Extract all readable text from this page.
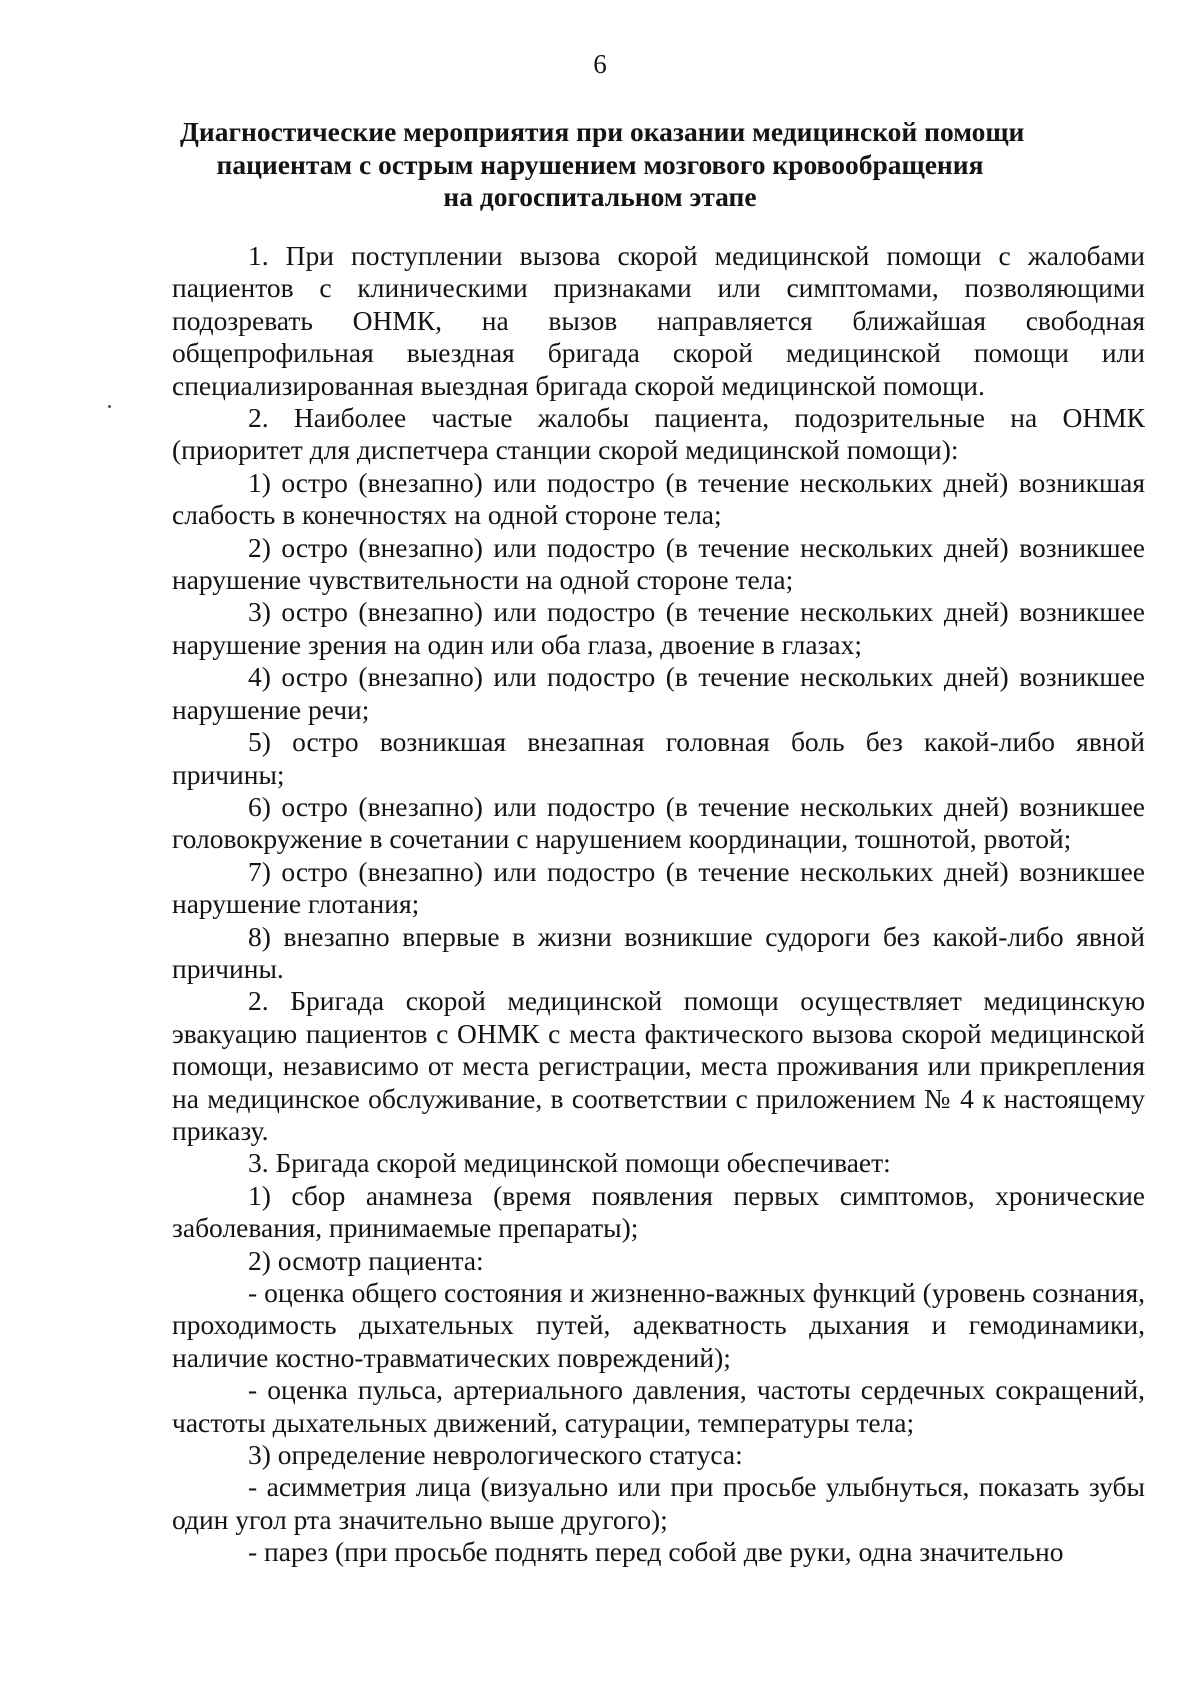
6
Диагностические мероприятия при оказании медицинской помощи
пациентам с острым нарушением мозгового кровообращения
на догоспитальном этапе

1. При поступлении вызова скорой медицинской помощи с жалобами пациентов с клиническими признаками или симптомами, позволяющими подозревать ОНМК, на вызов направляется ближайшая свободная общепрофильная выездная бригада скорой медицинской помощи или специализированная выездная бригада скорой медицинской помощи.

2. Наиболее частые жалобы пациента, подозрительные на ОНМК (приоритет для диспетчера станции скорой медицинской помощи):

1) остро (внезапно) или подостро (в течение нескольких дней) возникшая слабость в конечностях на одной стороне тела;

2) остро (внезапно) или подостро (в течение нескольких дней) возникшее нарушение чувствительности на одной стороне тела;

3) остро (внезапно) или подостро (в течение нескольких дней) возникшее нарушение зрения на один или оба глаза, двоение в глазах;

4) остро (внезапно) или подостро (в течение нескольких дней) возникшее нарушение речи;

5) остро возникшая внезапная головная боль без какой-либо явной причины;

6) остро (внезапно) или подостро (в течение нескольких дней) возникшее головокружение в сочетании с нарушением координации, тошнотой, рвотой;

7) остро (внезапно) или подостро (в течение нескольких дней) возникшее нарушение глотания;

8) внезапно впервые в жизни возникшие судороги без какой-либо явной причины.

2. Бригада скорой медицинской помощи осуществляет медицинскую эвакуацию пациентов с ОНМК с места фактического вызова скорой медицинской помощи, независимо от места регистрации, места проживания или прикрепления на медицинское обслуживание, в соответствии с приложением № 4 к настоящему приказу.

3. Бригада скорой медицинской помощи обеспечивает:

1) сбор анамнеза (время появления первых симптомов, хронические заболевания, принимаемые препараты);

2) осмотр пациента:

- оценка общего состояния и жизненно-важных функций (уровень сознания, проходимость дыхательных путей, адекватность дыхания и гемодинамики, наличие костно-травматических повреждений);

- оценка пульса, артериального давления, частоты сердечных сокращений, частоты дыхательных движений, сатурации, температуры тела;

3) определение неврологического статуса:

- асимметрия лица (визуально или при просьбе улыбнуться, показать зубы один угол рта значительно выше другого);

- парез (при просьбе поднять перед собой две руки, одна значительно
